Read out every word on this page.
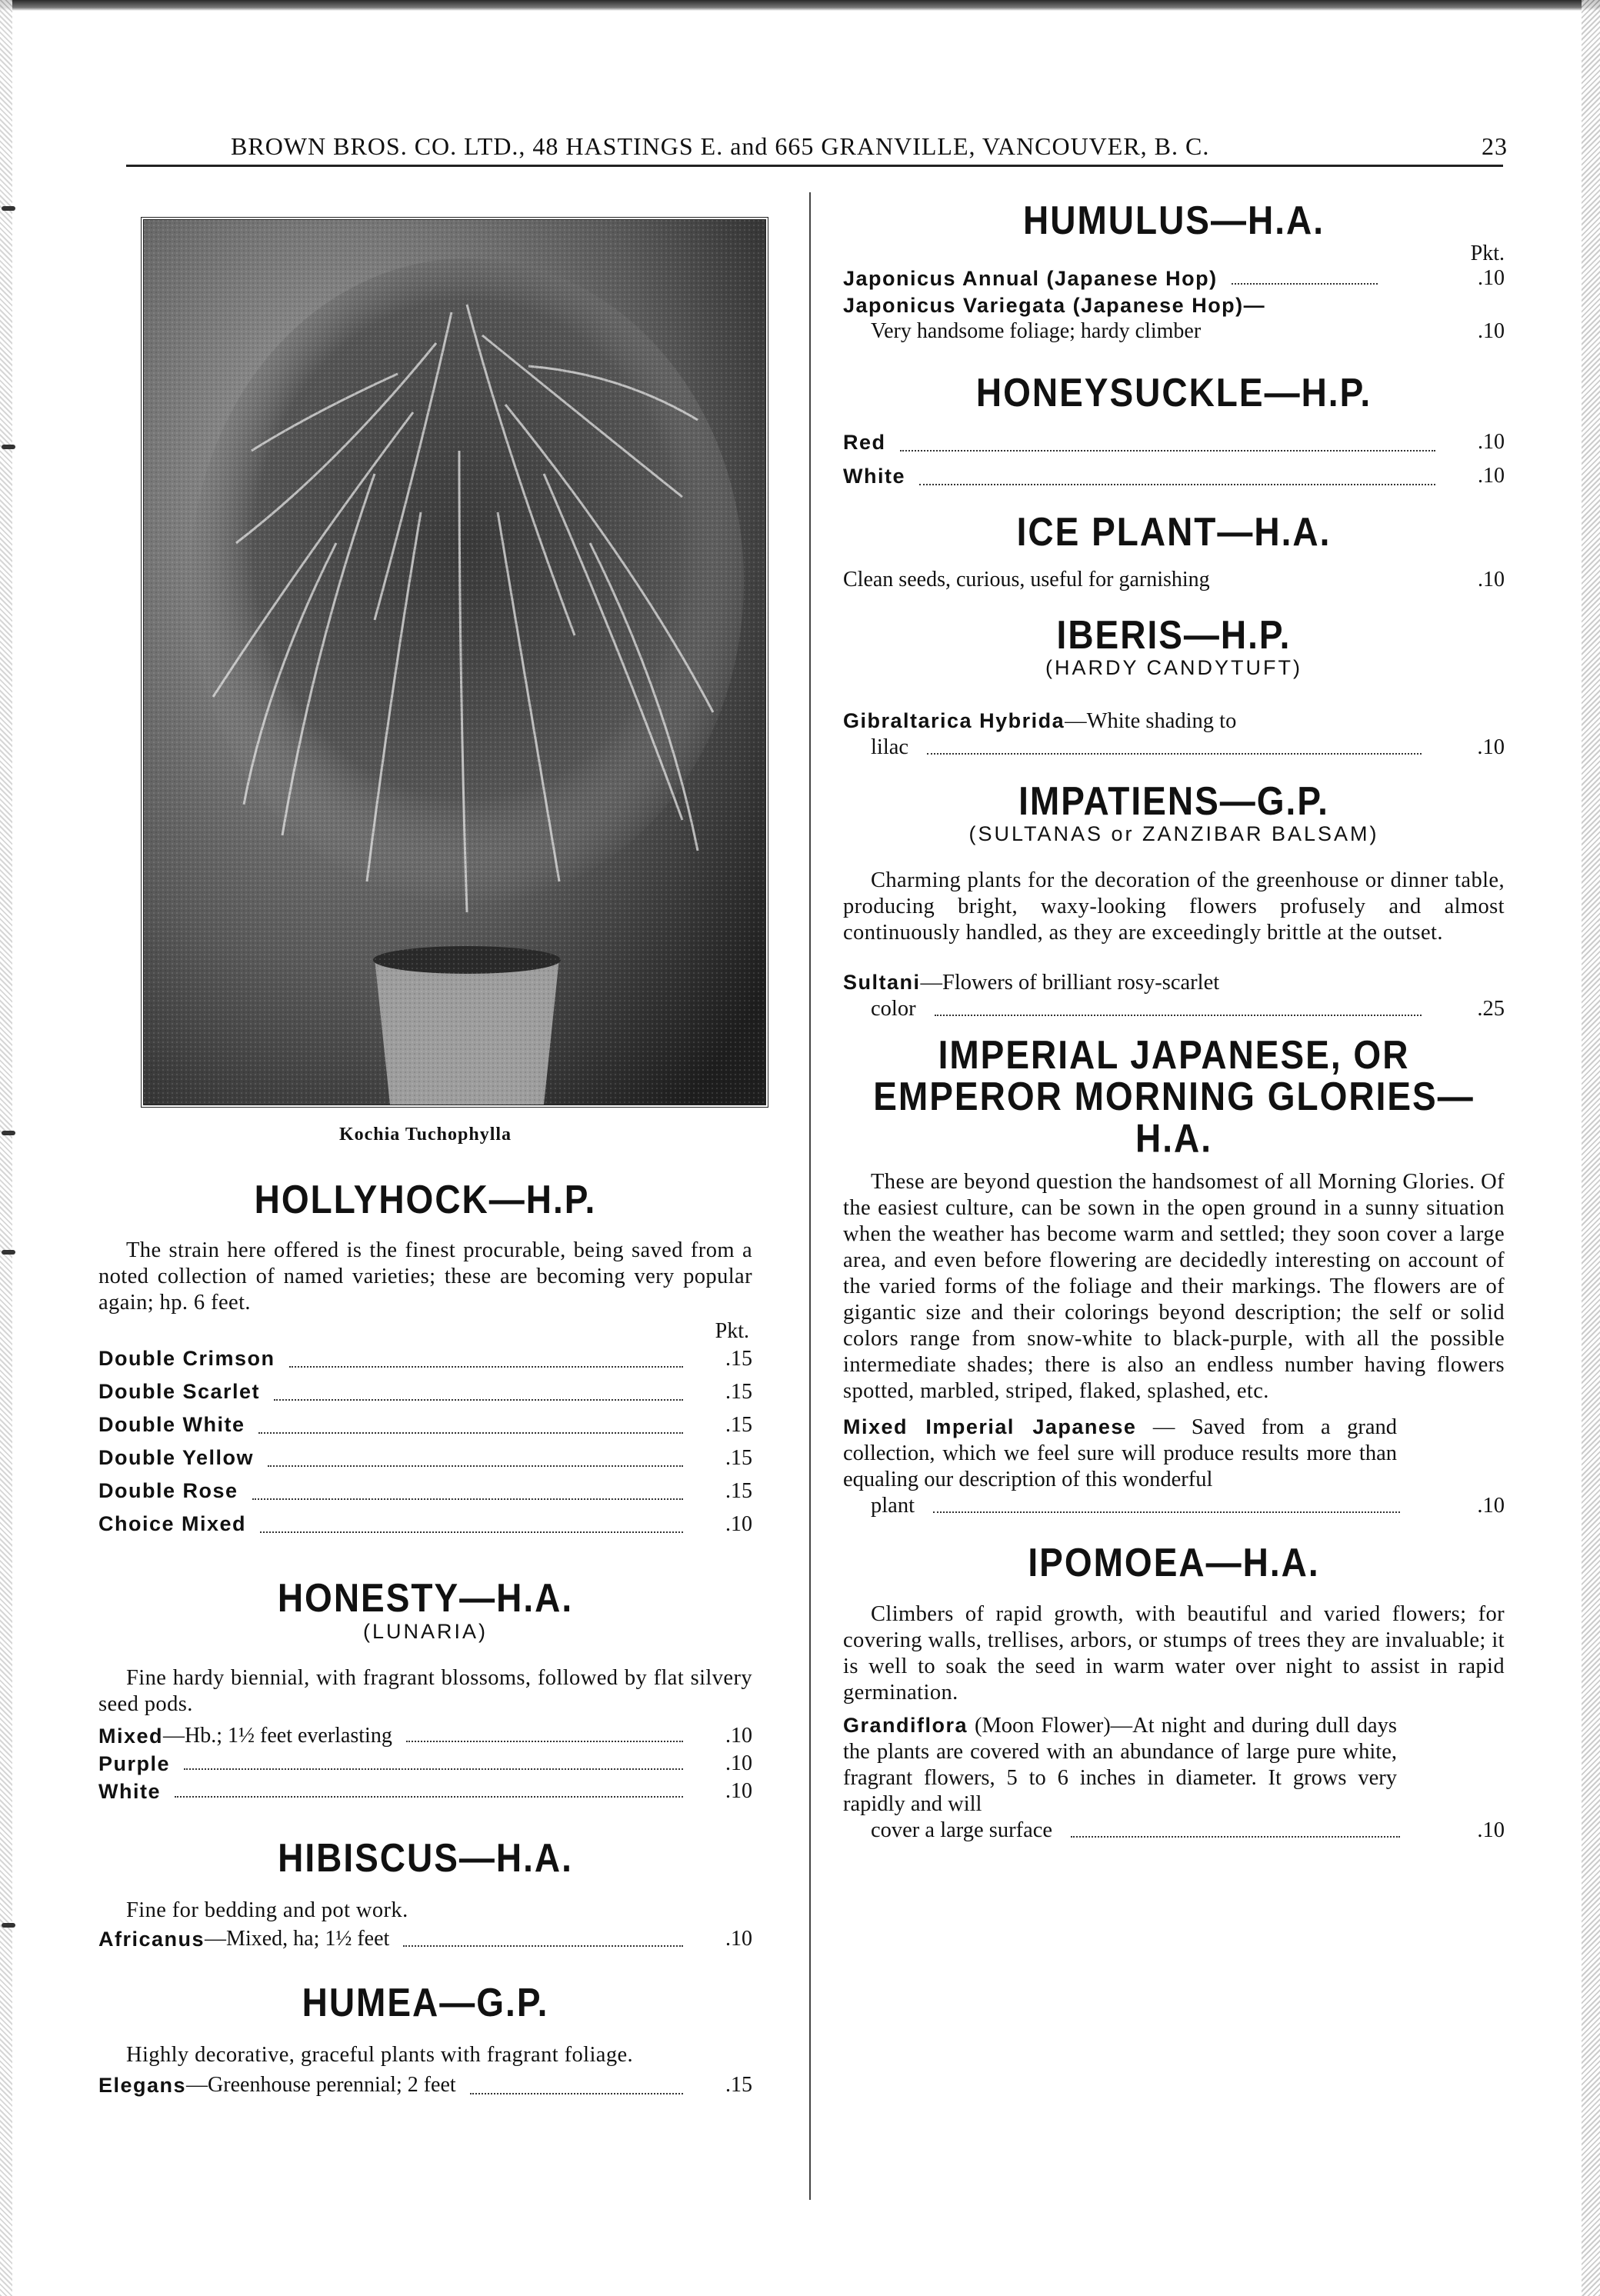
BROWN BROS. CO. LTD., 48 HASTINGS E. and 665 GRANVILLE, VANCOUVER, B. C.	23
Kochia Tuchophylla
HOLLYHOCK—H.P.

The strain here offered is the finest procurable, being saved from a noted collection of named varieties; these are becoming very popular again; hp. 6 feet.

Pkt.
Double Crimson	.15
Double Scarlet	.15
Double White	.15
Double Yellow	.15
Double Rose	.15
Choice Mixed	.10
HONESTY—H.A.
(LUNARIA)

Fine hardy biennial, with fragrant blossoms, followed by flat silvery seed pods.

Mixed —Hb.; 1½ feet everlasting	.10
Purple	.10
White	.10
HIBISCUS—H.A.

Fine for bedding and pot work.

Africanus —Mixed, ha; 1½ feet	.10
HUMEA—G.P.

Highly decorative, graceful plants with fragrant foliage.

Elegans —Greenhouse perennial; 2 feet	.15
HUMULUS—H.A.
Pkt.
Japonicus Annual (Japanese Hop)	.10
Japonicus Variegata (Japanese Hop)—
Very handsome foliage; hardy climber	.10
HONEYSUCKLE—H.P.
Red	.10
White	.10
ICE PLANT—H.A.
Clean seeds, curious, useful for garnishing	.10
IBERIS—H.P.
(HARDY CANDYTUFT)
Gibraltarica Hybrida—White shading to
lilac	.10
IMPATIENS—G.P.
(SULTANAS or ZANZIBAR BALSAM)

Charming plants for the decoration of the greenhouse or dinner table, producing bright, waxy-looking flowers profusely and almost continuously handled, as they are exceedingly brittle at the outset.

Sultani—Flowers of brilliant rosy-scarlet
color	.25
IMPERIAL JAPANESE, OR EMPEROR MORNING GLORIES—H.A.

These are beyond question the handsomest of all Morning Glories. Of the easiest culture, can be sown in the open ground in a sunny situation when the weather has become warm and settled; they soon cover a large area, and even before flowering are decidedly interesting on account of the varied forms of the foliage and their markings. The flowers are of gigantic size and their colorings beyond description; the self or solid colors range from snow-white to black-purple, with all the possible intermediate shades; there is also an endless number having flowers spotted, marbled, striped, flaked, splashed, etc.

Mixed Imperial Japanese — Saved from a grand collection, which we feel sure will produce results more than equaling our description of this wonderful
plant	.10
IPOMOEA—H.A.

Climbers of rapid growth, with beautiful and varied flowers; for covering walls, trellises, arbors, or stumps of trees they are invaluable; it is well to soak the seed in warm water over night to assist in rapid germination.

Grandiflora (Moon Flower)—At night and during dull days the plants are covered with an abundance of large pure white, fragrant flowers, 5 to 6 inches in diameter. It grows very rapidly and will
cover a large surface	.10
